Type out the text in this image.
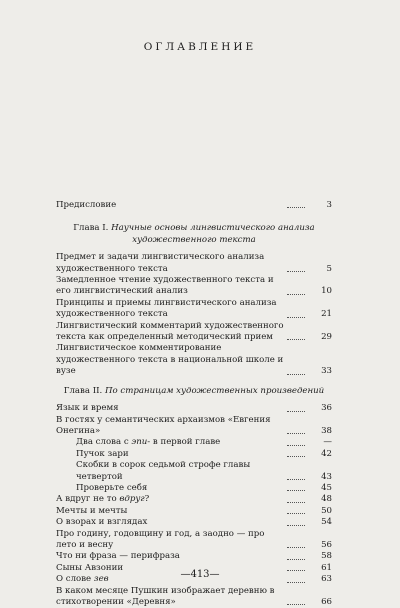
ОГЛАВЛЕНИЕ
Предисловие	3
Глава I. Научные основы лингвистического анализа художественного текста
Предмет и задачи лингвистического анализа художественного текста	5
Замедленное чтение художественного текста и его лингвистический анализ	10
Принципы и приемы лингвистического анализа художественного текста	21
Лингвистический комментарий художественного текста как определенный методический прием	29
Лингвистическое комментирование художественного текста в национальной школе и вузе	33
Глава II. По страницам художественных произведений
Язык и время	36
В гостях у семантических архаизмов «Евгения Онегина»	38
Два слова с эпи- в первой главе	—
Пучок зари	42
Скобки в сорок седьмой строфе главы четвертой	43
Проверьте себя	45
А вдруг не то вдруг?	48
Мечты и мечты	50
О взорах и взглядах	54
Про годину, годовщину и год, а заодно — про лето и весну	56
Что ни фраза — перифраза	58
Сыны Авзонии	61
О слове зев	63
В каком месяце Пушкин изображает деревню в стихотворении «Деревня»	66
—413—
